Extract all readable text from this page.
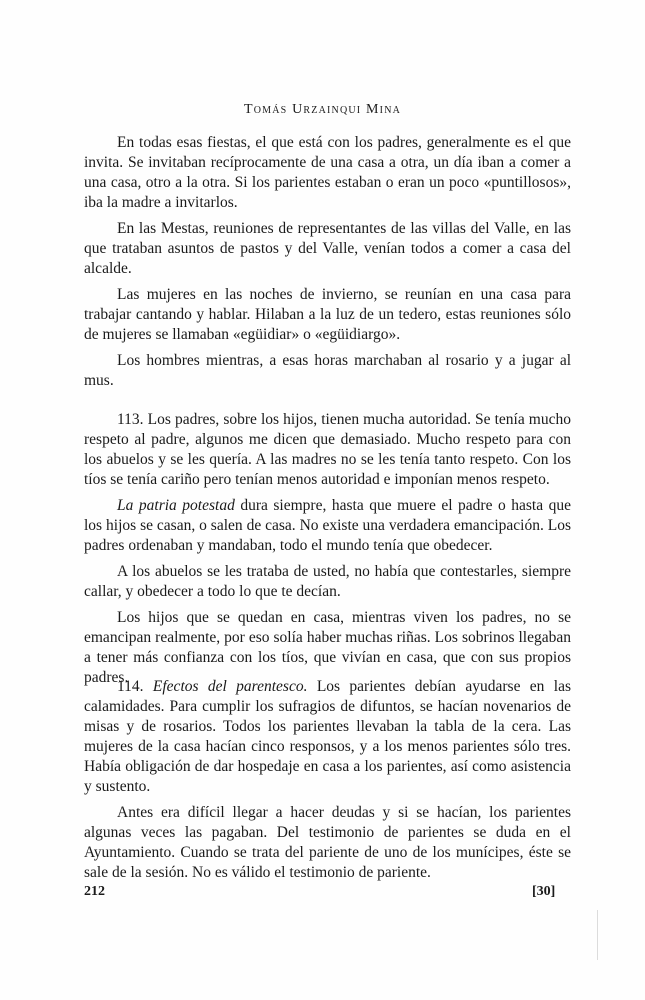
Tomás Urzainqui Mina

En todas esas fiestas, el que está con los padres, generalmente es el que invita. Se invitaban recíprocamente de una casa a otra, un día iban a comer a una casa, otro a la otra. Si los parientes estaban o eran un poco «puntillosos», iba la madre a invitarlos.

En las Mestas, reuniones de representantes de las villas del Valle, en las que trataban asuntos de pastos y del Valle, venían todos a comer a casa del alcalde.

Las mujeres en las noches de invierno, se reunían en una casa para trabajar cantando y hablar. Hilaban a la luz de un tedero, estas reuniones sólo de mujeres se llamaban «egüidiar» o «egüidiargo».

Los hombres mientras, a esas horas marchaban al rosario y a jugar al mus.

113. Los padres, sobre los hijos, tienen mucha autoridad. Se tenía mucho respeto al padre, algunos me dicen que demasiado. Mucho respeto para con los abuelos y se les quería. A las madres no se les tenía tanto respeto. Con los tíos se tenía cariño pero tenían menos autoridad e imponían menos respeto.

La patria potestad dura siempre, hasta que muere el padre o hasta que los hijos se casan, o salen de casa. No existe una verdadera emancipación. Los padres ordenaban y mandaban, todo el mundo tenía que obedecer.

A los abuelos se les trataba de usted, no había que contestarles, siempre callar, y obedecer a todo lo que te decían.

Los hijos que se quedan en casa, mientras viven los padres, no se emancipan realmente, por eso solía haber muchas riñas. Los sobrinos llegaban a tener más confianza con los tíos, que vivían en casa, que con sus propios padres.

114. Efectos del parentesco. Los parientes debían ayudarse en las calamidades. Para cumplir los sufragios de difuntos, se hacían novenarios de misas y de rosarios. Todos los parientes llevaban la tabla de la cera. Las mujeres de la casa hacían cinco responsos, y a los menos parientes sólo tres. Había obligación de dar hospedaje en casa a los parientes, así como asistencia y sustento.

Antes era difícil llegar a hacer deudas y si se hacían, los parientes algunas veces las pagaban. Del testimonio de parientes se duda en el Ayuntamiento. Cuando se trata del pariente de uno de los munícipes, éste se sale de la sesión. No es válido el testimonio de pariente.

212	[30]
